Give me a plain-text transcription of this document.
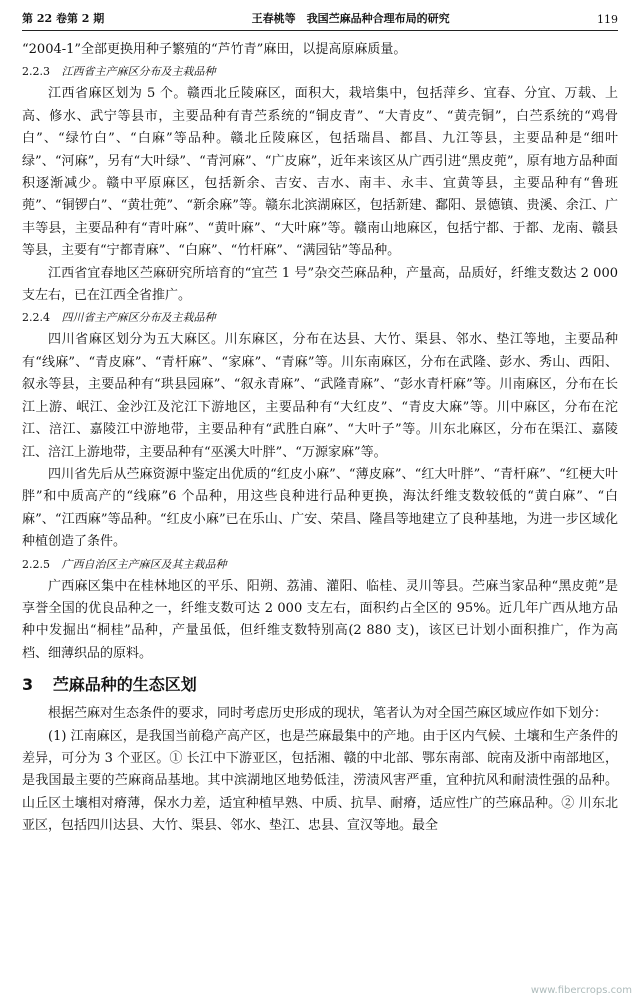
第 22 卷第 2 期	王春桃等　我国苎麻品种合理布局的研究	119

“2004-1”全部更换用种子繁殖的“芦竹青”麻田，以提高原麻质量。

2.2.3 江西省主产麻区分布及主栽品种

江西省麻区划为 5 个。赣西北丘陵麻区，面积大，栽培集中，包括萍乡、宜春、分宜、万载、上高、修水、武宁等县市，主要品种有青苎系统的“铜皮青”、“大青皮”、“黄壳铜”，白苎系统的“鸡骨白”、“绿竹白”、“白麻”等品种。赣北丘陵麻区，包括瑞昌、都昌、九江等县，主要品种是“细叶绿”、“河麻”，另有“大叶绿”、“青河麻”、“广皮麻”，近年来该区从广西引进“黑皮蔸”，原有地方品种面积逐渐减少。赣中平原麻区，包括新余、吉安、吉水、南丰、永丰、宜黄等县，主要品种有“鲁班蔸”、“铜锣白”、“黄壮蔸”、“新余麻”等。赣东北滨湖麻区，包括新建、鄱阳、景德镇、贵溪、余江、广丰等县，主要品种有“青叶麻”、“黄叶麻”、“大叶麻”等。赣南山地麻区，包括宁都、于都、龙南、赣县等县，主要有“宁都青麻”、“白麻”、“竹杆麻”、“满园钻”等品种。

江西省宜春地区苎麻研究所培育的“宜苎 1 号”杂交苎麻品种，产量高，品质好，纤维支数达 2 000 支左右，已在江西全省推广。

2.2.4 四川省主产麻区分布及主栽品种

四川省麻区划分为五大麻区。川东麻区，分布在达县、大竹、渠县、邻水、垫江等地，主要品种有“线麻”、“青皮麻”、“青杆麻”、“家麻”、“青麻”等。川东南麻区，分布在武隆、彭水、秀山、西阳、叙永等县，主要品种有“珙县园麻”、“叙永青麻”、“武隆青麻”、“彭水青杆麻”等。川南麻区，分布在长江上游、岷江、金沙江及沱江下游地区，主要品种有“大红皮”、“青皮大麻”等。川中麻区，分布在沱江、涪江、嘉陵江中游地带，主要品种有“武胜白麻”、“大叶子”等。川东北麻区，分布在渠江、嘉陵江、涪江上游地带，主要品种有“巫溪大叶胖”、“万源家麻”等。

四川省先后从苎麻资源中鉴定出优质的“红皮小麻”、“薄皮麻”、“红大叶胖”、“青杆麻”、“红梗大叶胖”和中质高产的“线麻”6 个品种，用这些良种进行品种更换，海汰纤维支数较低的“黄白麻”、“白麻”、“江西麻”等品种。“红皮小麻”已在乐山、广安、荣昌、隆昌等地建立了良种基地，为进一步区域化种植创造了条件。

2.2.5 广西自治区主产麻区及其主栽品种

广西麻区集中在桂林地区的平乐、阳朔、荔浦、灌阳、临桂、灵川等县。苎麻当家品种“黑皮蔸”是享誉全国的优良品种之一，纤维支数可达 2 000 支左右，面积约占全区的 95%。近几年广西从地方品种中发掘出“桐桂”品种，产量虽低，但纤维支数特别高(2 880 支)，该区已计划小面积推广，作为高档、细薄织品的原料。

3 苎麻品种的生态区划

根据苎麻对生态条件的要求，同时考虑历史形成的现状，笔者认为对全国苎麻区域应作如下划分：

(1) 江南麻区，是我国当前稳产高产区，也是苎麻最集中的产地。由于区内气候、土壤和生产条件的差异，可分为 3 个亚区。① 长江中下游亚区，包括湘、赣的中北部、鄂东南部、皖南及浙中南部地区，是我国最主要的苎麻商品基地。其中滨湖地区地势低洼，涝渍风害严重，宜种抗风和耐渍性强的品种。山丘区土壤相对瘠薄，保水力差，适宜种植早熟、中质、抗旱、耐瘠，适应性广的苎麻品种。② 川东北亚区，包括四川达县、大竹、渠县、邻水、垫江、忠县、宣汉等地。最全

www.fibercrops.com
